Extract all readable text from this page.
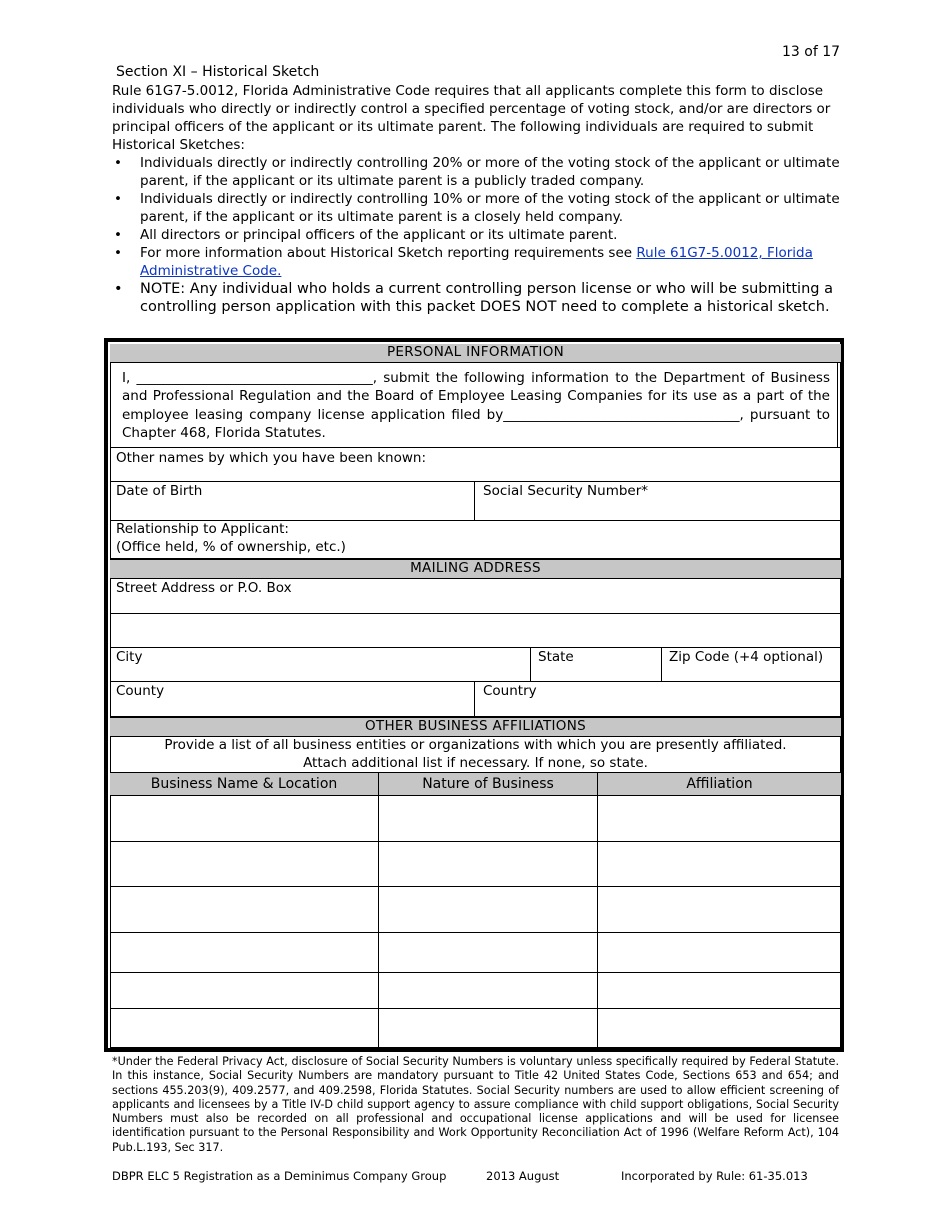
13 of 17
Section XI – Historical Sketch

Rule 61G7-5.0012, Florida Administrative Code requires that all applicants complete this form to disclose individuals who directly or indirectly control a specified percentage of voting stock, and/or are directors or principal officers of the applicant or its ultimate parent. The following individuals are required to submit Historical Sketches:

• Individuals directly or indirectly controlling 20% or more of the voting stock of the applicant or ultimate parent, if the applicant or its ultimate parent is a publicly traded company.
• Individuals directly or indirectly controlling 10% or more of the voting stock of the applicant or ultimate parent, if the applicant or its ultimate parent is a closely held company.
• All directors or principal officers of the applicant or its ultimate parent.
• For more information about Historical Sketch reporting requirements see Rule 61G7-5.0012, Florida Administrative Code.
• NOTE: Any individual who holds a current controlling person license or who will be submitting a controlling person application with this packet DOES NOT need to complete a historical sketch.
PERSONAL INFORMATION
I, ___________________________________, submit the following information to the Department of Business and Professional Regulation and the Board of Employee Leasing Companies for its use as a part of the employee leasing company license application filed by___________________________________, pursuant to Chapter 468, Florida Statutes.
Other names by which you have been known:
Date of Birth	Social Security Number*
Relationship to Applicant:
(Office held, % of ownership, etc.)
MAILING ADDRESS
Street Address or P.O. Box
City	State	Zip Code (+4 optional)
County	Country
OTHER BUSINESS AFFILIATIONS
Provide a list of all business entities or organizations with which you are presently affiliated.
Attach additional list if necessary. If none, so state.
Business Name & Location	Nature of Business	Affiliation
*Under the Federal Privacy Act, disclosure of Social Security Numbers is voluntary unless specifically required by Federal Statute. In this instance, Social Security Numbers are mandatory pursuant to Title 42 United States Code, Sections 653 and 654; and sections 455.203(9), 409.2577, and 409.2598, Florida Statutes. Social Security numbers are used to allow efficient screening of applicants and licensees by a Title IV-D child support agency to assure compliance with child support obligations, Social Security Numbers must also be recorded on all professional and occupational license applications and will be used for licensee identification pursuant to the Personal Responsibility and Work Opportunity Reconciliation Act of 1996 (Welfare Reform Act), 104 Pub.L.193, Sec 317.
DBPR ELC 5 Registration as a Deminimus Company Group	2013 August	Incorporated by Rule: 61-35.013
